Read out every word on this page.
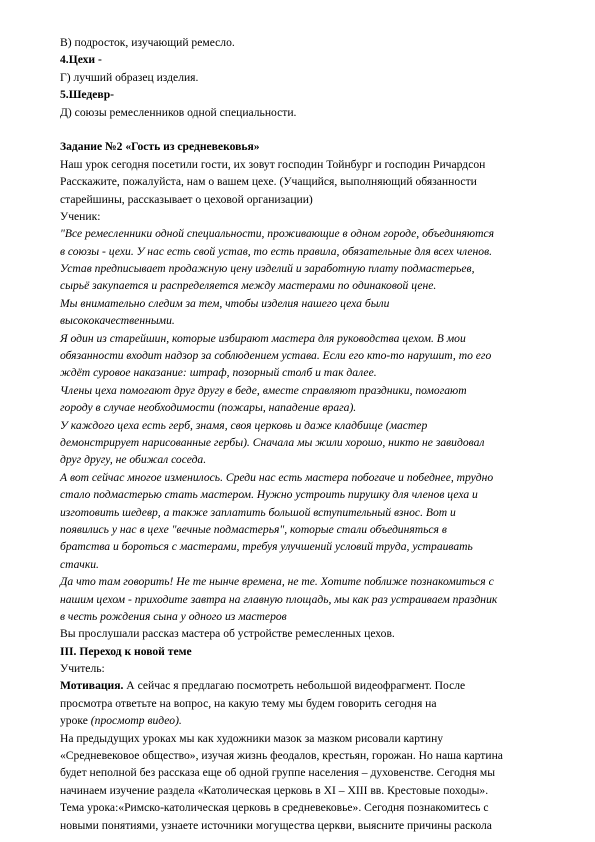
В) подросток, изучающий ремесло.
4.Цехи -
Г) лучший образец изделия.
5.Шедевр-
Д) союзы ремесленников одной специальности.
Задание №2 «Гость из средневековья»
Наш урок сегодня посетили гости, их зовут господин Тойнбург и господин Ричардсон
Расскажите, пожалуйста, нам о вашем цехе. (Учащийся, выполняющий обязанности
старейшины, рассказывает о цеховой организации)
Ученик:
"Все ремесленники одной специальности, проживающие в одном городе, объединяются
в союзы - цехи. У нас есть свой устав, то есть правила, обязательные для всех членов.
Устав предписывает продажную цену изделий и заработную плату подмастерьев,
сырьё закупается и распределяется между мастерами по одинаковой цене.
Мы внимательно следим за тем, чтобы изделия нашего цеха были
высококачественными.
Я один из старейшин, которые избирают мастера для руководства цехом. В мои
обязанности входит надзор за соблюдением устава. Если его кто-то нарушит, то его
ждёт суровое наказание: штраф, позорный столб и так далее.
Члены цеха помогают друг другу в беде, вместе справляют праздники, помогают
городу в случае необходимости (пожары, нападение врага).
У каждого цеха есть герб, знамя, своя церковь и даже кладбище (мастер
демонстрирует нарисованные гербы). Сначала мы жили хорошо, никто не завидовал
друг другу, не обижал соседа.
А вот сейчас многое изменилось. Среди нас есть мастера побогаче и победнее, трудно
стало подмастерью стать мастером. Нужно устроить пирушку для членов цеха и
изготовить шедевр, а также заплатить большой вступительный взнос. Вот и
появились у нас в цехе "вечные подмастерья", которые стали объединяться в
братства и бороться с мастерами, требуя улучшений условий труда, устраивать
стачки.
Да что там говорить! Не те нынче времена, не те. Хотите поближе познакомиться с
нашим цехом - приходите завтра на главную площадь, мы как раз устраиваем праздник
в честь рождения сына у одного из мастеров
Вы прослушали рассказ мастера об устройстве ремесленных цехов.
III. Переход к новой теме
Учитель:
Мотивация. А сейчас я предлагаю посмотреть небольшой видеофрагмент. После
просмотра ответьте на вопрос, на какую тему мы будем говорить сегодня на
уроке (просмотр видео).
На предыдущих уроках мы как художники мазок за мазком рисовали картину
«Средневековое общество», изучая жизнь феодалов, крестьян, горожан. Но наша картина
будет неполной без рассказа еще об одной группе населения – духовенстве. Сегодня мы
начинаем изучение раздела «Католическая церковь в XI – XIII вв. Крестовые походы».
Тема урока:«Римско-католическая церковь в средневековье». Сегодня познакомитесь с
новыми понятиями, узнаете источники могущества церкви, выясните причины раскола
